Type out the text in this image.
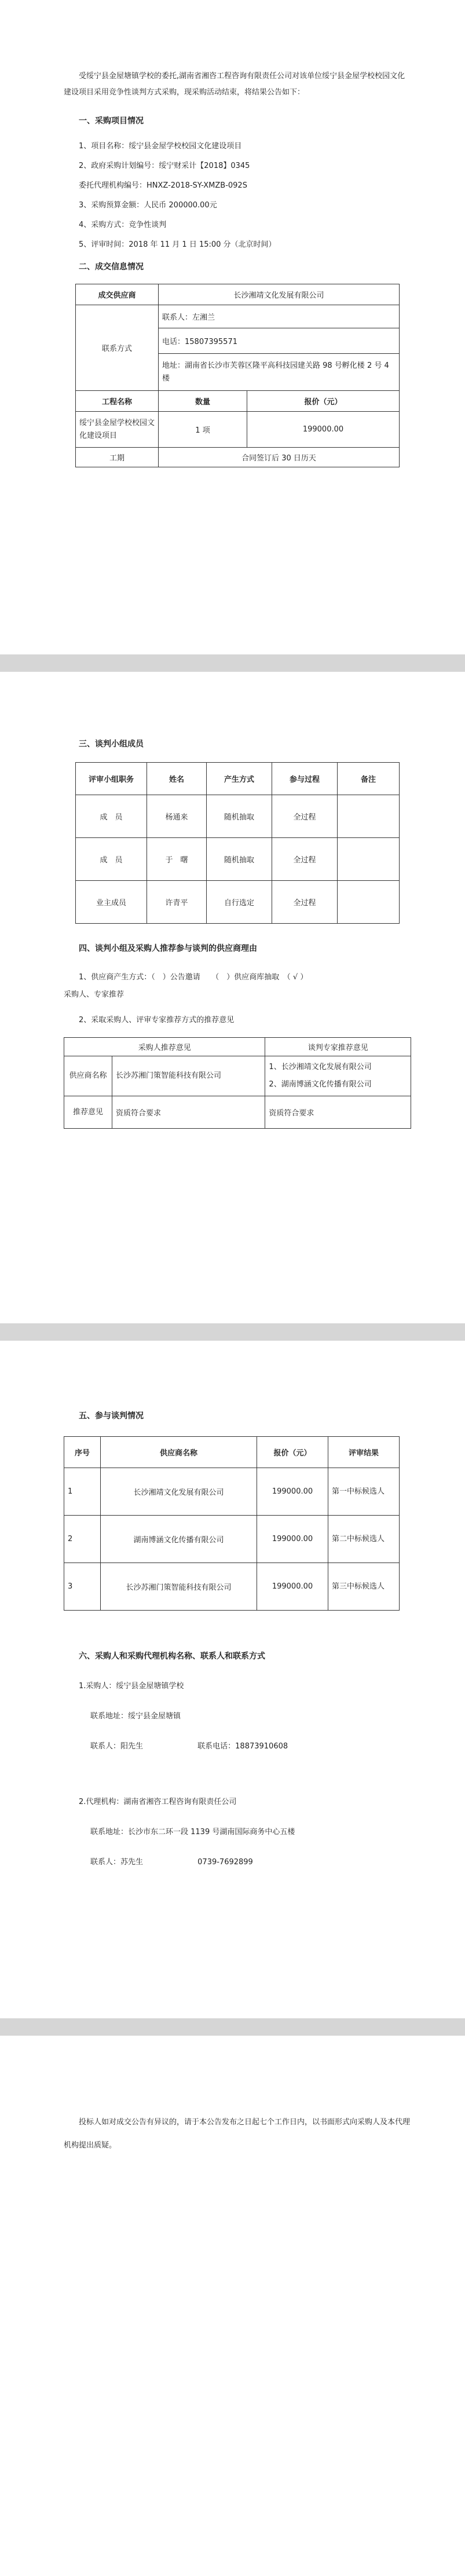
受绥宁县金屋塘镇学校的委托,湖南省湘咨工程咨询有限责任公司对该单位绥宁县金屋学校校园文化建设项目采用竞争性谈判方式采购，现采购活动结束，将结果公告如下：

一、采购项目情况

1、项目名称：绥宁县金屋学校校园文化建设项目

2、政府采购计划编号：绥宁财采计【2018】0345

委托代理机构编号：HNXZ-2018-SY-XMZB-092S

3、采购预算金额：人民币 200000.00元

4、采购方式：竞争性谈判

5、评审时间：2018 年 11 月 1 日 15:00 分（北京时间）

二、成交信息情况

成交供应商	长沙湘靖文化发展有限公司	
联系方式	联系人：左湘兰	
	电话：15807395571	
	地址：湖南省长沙市芙蓉区隆平高科技园建关路 98 号孵化楼 2 号 4 楼	
工程名称	数量	报价（元）
绥宁县金屋学校校园文化建设项目	1 项	199000.00
工期	合同签订后 30 日历天	

三、谈判小组成员

评审小组职务	姓名	产生方式	参与过程	备注
成　员	杨通来	随机抽取	全过程	
成　员	于　曙	随机抽取	全过程	
业主成员	许青平	自行选定	全过程	

四、谈判小组及采购人推荐参与谈判的供应商理由

1、供应商产生方式：（　）公告邀请　　（　）供应商库抽取　（ √ ）

采购人、专家推荐

2、采取采购人、评审专家推荐方式的推荐意见

采购人推荐意见		谈判专家推荐意见
供应商名称	长沙苏湘门策智能科技有限公司	1、长沙湘靖文化发展有限公司
2、湖南博涵文化传播有限公司

推荐意见	资质符合要求	资质符合要求

五、参与谈判情况

序号	供应商名称	报价（元）	评审结果
1	长沙湘靖文化发展有限公司	199000.00	第一中标候选人
2	湖南博涵文化传播有限公司	199000.00	第二中标候选人
3	长沙苏湘门策智能科技有限公司	199000.00	第三中标候选人

六、采购人和采购代理机构名称、联系人和联系方式

1.采购人：绥宁县金屋塘镇学校

联系地址：绥宁县金屋塘镇

联系人：阳先生	联系电话：18873910608

2.代理机构：湖南省湘咨工程咨询有限责任公司

联系地址：长沙市东二环一段 1139 号湖南国际商务中心五楼

联系人：苏先生	0739-7692899

投标人如对成交公告有异议的，请于本公告发布之日起七个工作日内，以书面形式向采购人及本代理机构提出质疑。
